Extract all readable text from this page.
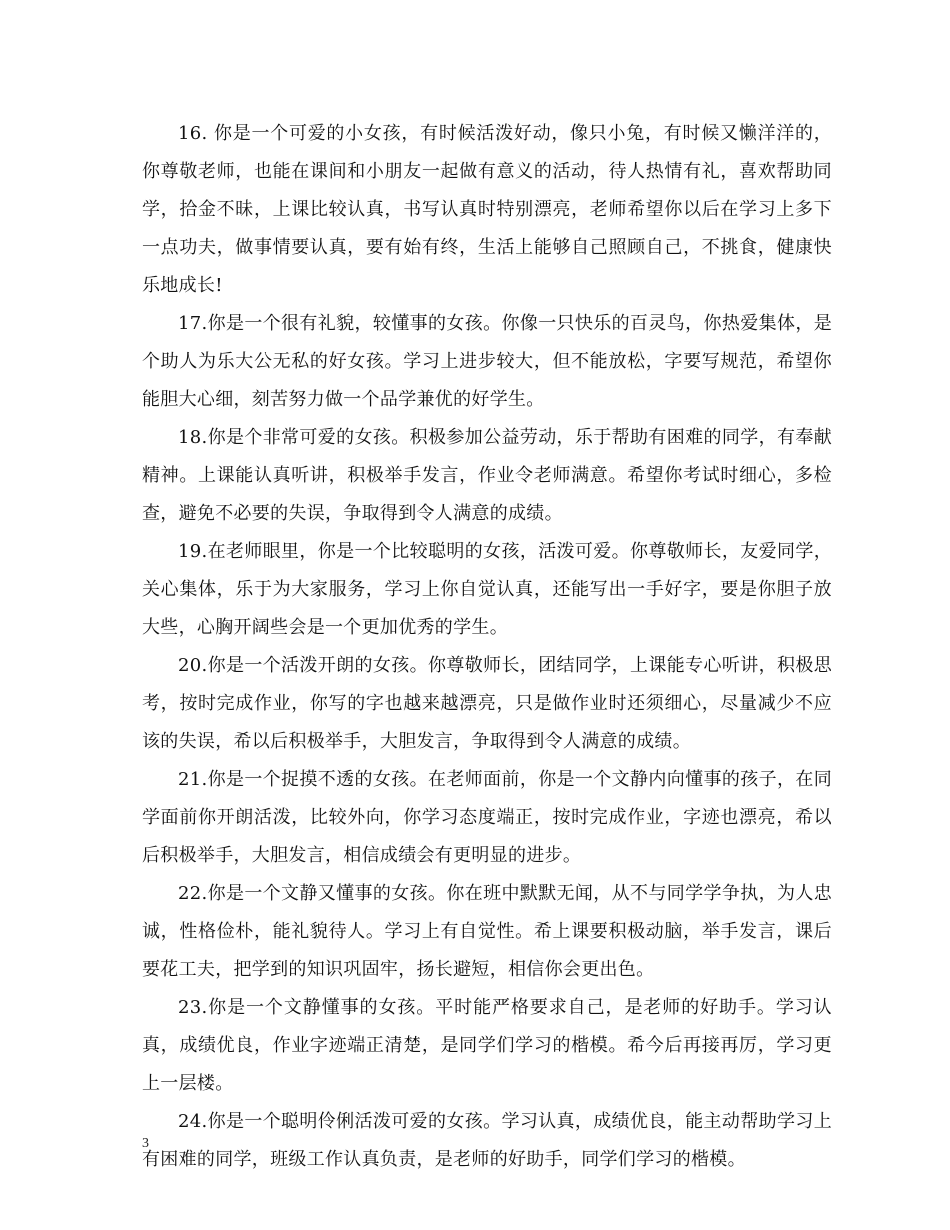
16. 你是一个可爱的小女孩，有时候活泼好动，像只小兔，有时候又懒洋洋的，你尊敬老师，也能在课间和小朋友一起做有意义的活动，待人热情有礼，喜欢帮助同学，拾金不昧，上课比较认真，书写认真时特别漂亮，老师希望你以后在学习上多下一点功夫，做事情要认真，要有始有终，生活上能够自己照顾自己，不挑食，健康快乐地成长!

17.你是一个很有礼貌，较懂事的女孩。你像一只快乐的百灵鸟，你热爱集体，是个助人为乐大公无私的好女孩。学习上进步较大，但不能放松，字要写规范，希望你能胆大心细，刻苦努力做一个品学兼优的好学生。

18.你是个非常可爱的女孩。积极参加公益劳动，乐于帮助有困难的同学，有奉献精神。上课能认真听讲，积极举手发言，作业令老师满意。希望你考试时细心，多检查，避免不必要的失误，争取得到令人满意的成绩。

19.在老师眼里，你是一个比较聪明的女孩，活泼可爱。你尊敬师长，友爱同学，关心集体，乐于为大家服务，学习上你自觉认真，还能写出一手好字，要是你胆子放大些，心胸开阔些会是一个更加优秀的学生。

20.你是一个活泼开朗的女孩。你尊敬师长，团结同学，上课能专心听讲，积极思考，按时完成作业，你写的字也越来越漂亮，只是做作业时还须细心，尽量减少不应该的失误，希以后积极举手，大胆发言，争取得到令人满意的成绩。

21.你是一个捉摸不透的女孩。在老师面前，你是一个文静内向懂事的孩子，在同学面前你开朗活泼，比较外向，你学习态度端正，按时完成作业，字迹也漂亮，希以后积极举手，大胆发言，相信成绩会有更明显的进步。

22.你是一个文静又懂事的女孩。你在班中默默无闻，从不与同学学争执，为人忠诚，性格俭朴，能礼貌待人。学习上有自觉性。希上课要积极动脑，举手发言，课后要花工夫，把学到的知识巩固牢，扬长避短，相信你会更出色。

23.你是一个文静懂事的女孩。平时能严格要求自己，是老师的好助手。学习认真，成绩优良，作业字迹端正清楚，是同学们学习的楷模。希今后再接再厉，学习更上一层楼。

24.你是一个聪明伶俐活泼可爱的女孩。学习认真，成绩优良，能主动帮助学习上有困难的同学，班级工作认真负责，是老师的好助手，同学们学习的楷模。

3
